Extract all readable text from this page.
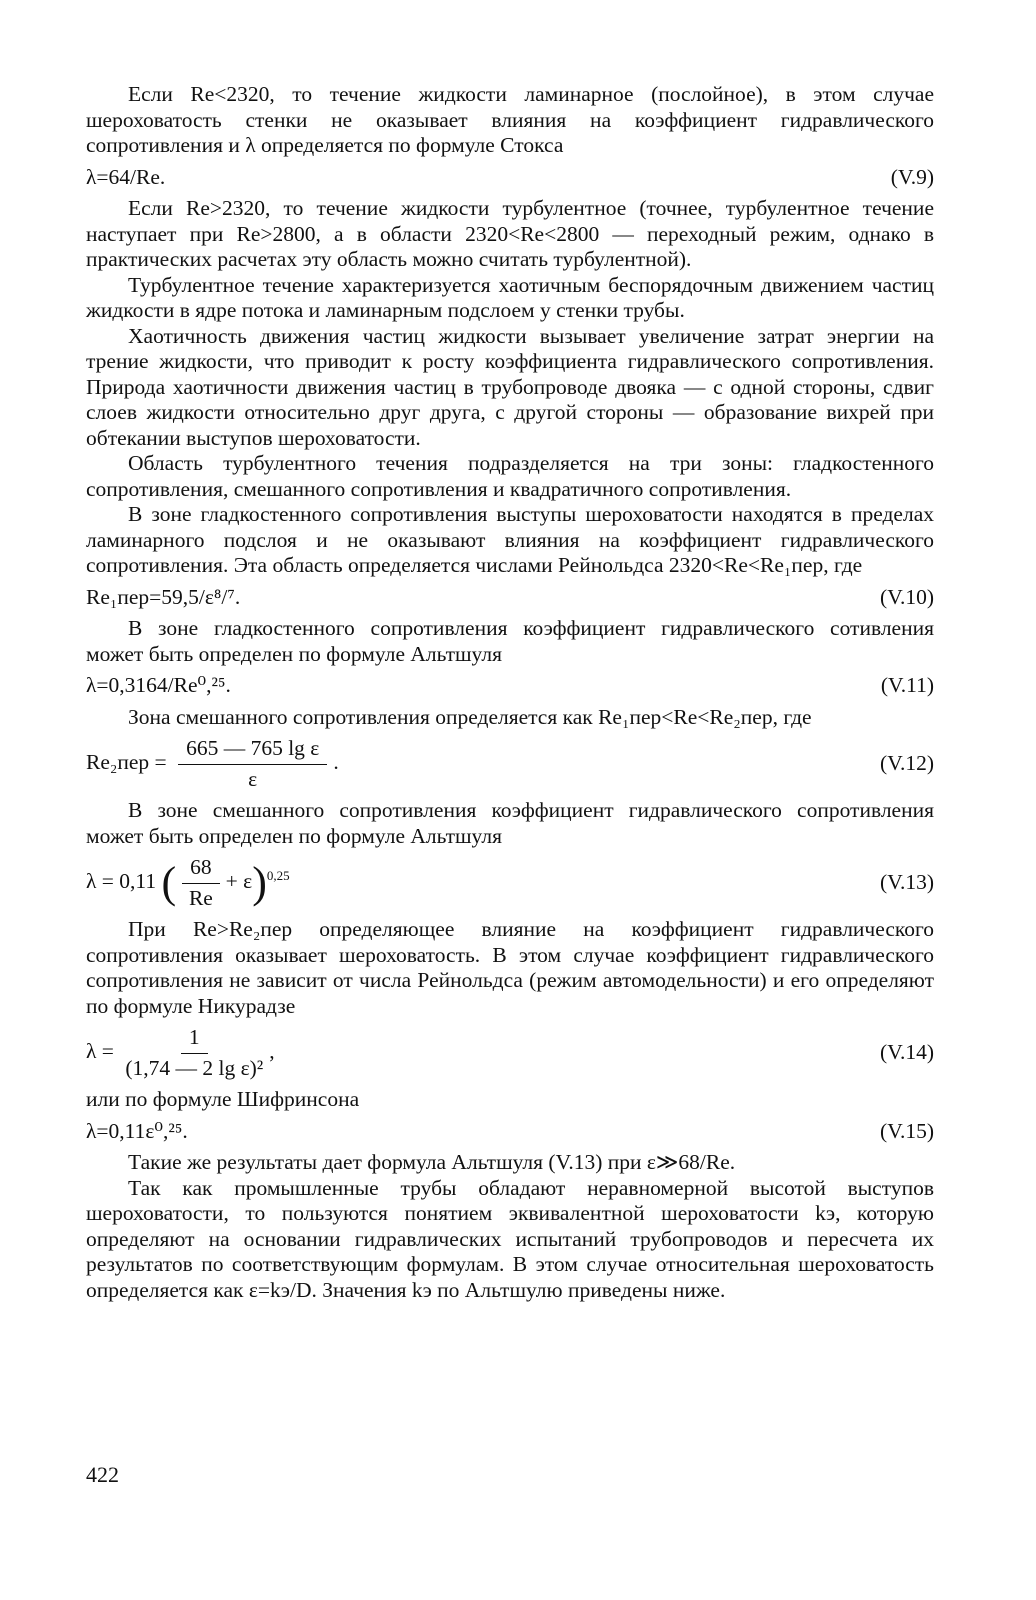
Если Re<2320, то течение жидкости ламинарное (послойное), в этом случае шероховатость стенки не оказывает влияния на коэффициент гидравлического сопротивления и λ определяется по формуле Стокса

λ=64/Re.	(V.9)

Если Re>2320, то течение жидкости турбулентное (точнее, турбулентное течение наступает при Re>2800, а в области 2320<Re<2800 — переходный режим, однако в практических расчетах эту область можно считать турбулентной).

Турбулентное течение характеризуется хаотичным беспорядочным движением частиц жидкости в ядре потока и ламинарным подслоем у стенки трубы.

Хаотичность движения частиц жидкости вызывает увеличение затрат энергии на трение жидкости, что приводит к росту коэффициента гидравлического сопротивления. Природа хаотичности движения частиц в трубопроводе двояка — с одной стороны, сдвиг слоев жидкости относительно друг друга, с другой стороны — образование вихрей при обтекании выступов шероховатости.

Область турбулентного течения подразделяется на три зоны: гладкостенного сопротивления, смешанного сопротивления и квадратичного сопротивления.

В зоне гладкостенного сопротивления выступы шероховатости находятся в пределах ламинарного подслоя и не оказывают влияния на коэффициент гидравлического сопротивления. Эта область определяется числами Рейнольдса 2320<Re<Re₁пер, где

Re₁пер=59,5/ε⁸/⁷.	(V.10)

В зоне гладкостенного сопротивления коэффициент гидравлического сотивления может быть определен по формуле Альтшуля

λ=0,3164/Re⁰,²⁵.	(V.11)

Зона смешанного сопротивления определяется как Re₁пер<Re<Re₂пер, где

$Re_2пер = \frac{\text{665 — 765 lg ε}}{\varepsilon}$ .	(V.12)

В зоне смешанного сопротивления коэффициент гидравлического сопротивления может быть определен по формуле Альтшуля

λ = 0,11 ( $\frac{68}{Re} + \varepsilon)^{0,25}$	(V.13)

При Re>Re₂пер определяющее влияние на коэффициент гидравлического сопротивления оказывает шероховатость. В этом случае коэффициент гидравлического сопротивления не зависит от числа Рейнольдса (режим автомодельности) и его определяют по формуле Никурадзе

$\lambda = \frac{1}{\text{(1,74 — 2 lg ε)²}}$ ,	(V.14)

или по формуле Шифринсона

λ=0,11ε⁰,²⁵.	(V.15)

Такие же результаты дает формула Альтшуля (V.13) при ε≫68/Re.

Так как промышленные трубы обладают неравномерной высотой выступов шероховатости, то пользуются понятием эквивалентной шероховатости kэ, которую определяют на основании гидравлических испытаний трубопроводов и пересчета их результатов по соответствующим формулам. В этом случае относительная шероховатость определяется как ε=kэ/D. Значения kэ по Альтшулю приведены ниже.

422
